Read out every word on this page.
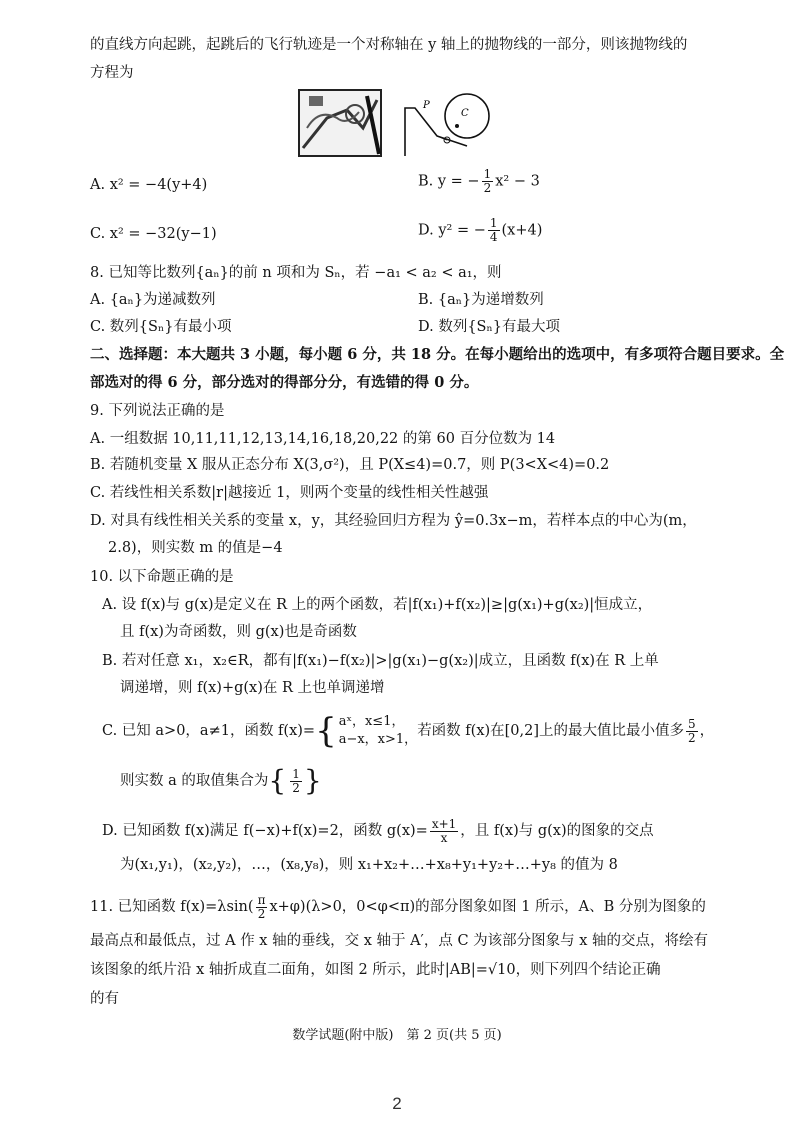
的直线方向起跳，起跳后的飞行轨迹是一个对称轴在 y 轴上的抛物线的一部分，则该抛物线的
方程为
P
C
A. x² = −4(y+4)	B. y = − $\frac{1}{2} x^2 - 3$
C. x² = −32(y−1)	D. y² = − $\frac{1}{4} (x+4)$
8. 已知等比数列{aₙ}的前 n 项和为 Sₙ，若 −a₁ < a₂ < a₁，则
A. {aₙ}为递减数列	B. {aₙ}为递增数列
C. 数列{Sₙ}有最小项	D. 数列{Sₙ}有最大项
二、选择题：本大题共 3 小题，每小题 6 分，共 18 分。在每小题给出的选项中，有多项符合题目要求。全
部选对的得 6 分，部分选对的得部分分，有选错的得 0 分。
9. 下列说法正确的是
A. 一组数据 10,11,11,12,13,14,16,18,20,22 的第 60 百分位数为 14
B. 若随机变量 X 服从正态分布 X(3,σ²)，且 P(X≤4)=0.7，则 P(3<X<4)=0.2
C. 若线性相关系数|r|越接近 1，则两个变量的线性相关性越强
D. 对具有线性相关关系的变量 x，y，其经验回归方程为 ŷ=0.3x−m，若样本点的中心为(m，
2.8)，则实数 m 的值是−4
10. 以下命题正确的是
A. 设 f(x)与 g(x)是定义在 R 上的两个函数，若|f(x₁)+f(x₂)|≥|g(x₁)+g(x₂)|恒成立，
且 f(x)为奇函数，则 g(x)也是奇函数
B. 若对任意 x₁，x₂∈R，都有|f(x₁)−f(x₂)|>|g(x₁)−g(x₂)|成立，且函数 f(x)在 R 上单
调递增，则 f(x)+g(x)在 R 上也单调递增
C. 已知 a>0，a≠1，函数 f(x)={ aˣ，x≤1，
a−x，x>1，
若函数 f(x)在[0,2]上的最大值比最小值多 $\frac{5}{2}$ ，
则实数 a 的取值集合为{ $\frac{1}{2}$ }
D. 已知函数 f(x)满足 f(−x)+f(x)=2，函数 $g(x)= \frac{x+1}{x}$ ，且 f(x)与 g(x)的图象的交点
为(x₁,y₁)，(x₂,y₂)，…，(x₈,y₈)，则 x₁+x₂+…+x₈+y₁+y₂+…+y₈ 的值为 8
11. 已知函数 $f(x)=\lambda\sin( \frac{\pi}{2} x+\varphi)(\lambda>0$，0<φ<π)的部分图象如图 1 所示，A、B 分别为图象的
最高点和最低点，过 A 作 x 轴的垂线，交 x 轴于 A′，点 C 为该部分图象与 x 轴的交点，将绘有
该图象的纸片沿 x 轴折成直二面角，如图 2 所示，此时|AB|=√10，则下列四个结论正确
的有
数学试题(附中版)　第 2 页(共 5 页)
2
